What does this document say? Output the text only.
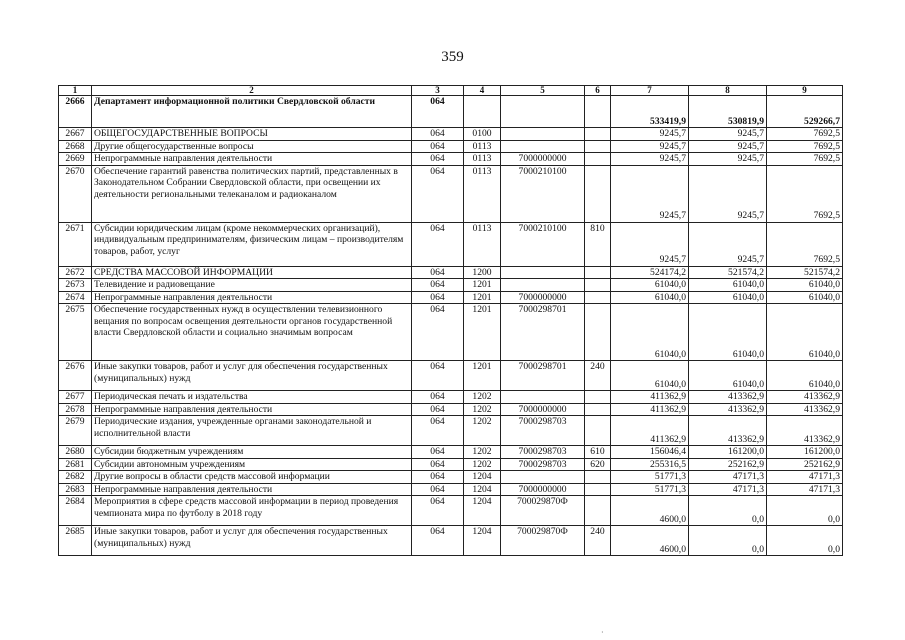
359
1	2	3	4	5	6	7	8	9
2666	Департамент информационной политики Свердловской области	064				533419,9	530819,9	529266,7
2667	ОБЩЕГОСУДАРСТВЕННЫЕ ВОПРОСЫ	064	0100			9245,7	9245,7	7692,5
2668	Другие общегосударственные вопросы	064	0113			9245,7	9245,7	7692,5
2669	Непрограммные направления деятельности	064	0113	7000000000		9245,7	9245,7	7692,5
2670	Обеспечение гарантий равенства политических партий, представленных в Законодательном Собрании Свердловской области, при освещении их деятельности региональными телеканалом и радиоканалом	064	0113	7000210100		9245,7	9245,7	7692,5
2671	Субсидии юридическим лицам (кроме некоммерческих организаций), индивидуальным предпринимателям, физическим лицам – производителям товаров, работ, услуг	064	0113	7000210100	810	9245,7	9245,7	7692,5
2672	СРЕДСТВА МАССОВОЙ ИНФОРМАЦИИ	064	1200			524174,2	521574,2	521574,2
2673	Телевидение и радиовещание	064	1201			61040,0	61040,0	61040,0
2674	Непрограммные направления деятельности	064	1201	7000000000		61040,0	61040,0	61040,0
2675	Обеспечение государственных нужд в осуществлении телевизионного вещания по вопросам освещения деятельности органов государственной власти Свердловской области и социально значимым вопросам	064	1201	7000298701		61040,0	61040,0	61040,0
2676	Иные закупки товаров, работ и услуг для обеспечения государственных (муниципальных) нужд	064	1201	7000298701	240	61040,0	61040,0	61040,0
2677	Периодическая печать и издательства	064	1202			411362,9	413362,9	413362,9
2678	Непрограммные направления деятельности	064	1202	7000000000		411362,9	413362,9	413362,9
2679	Периодические издания, учрежденные органами законодательной и исполнительной власти	064	1202	7000298703		411362,9	413362,9	413362,9
2680	Субсидии бюджетным учреждениям	064	1202	7000298703	610	156046,4	161200,0	161200,0
2681	Субсидии автономным учреждениям	064	1202	7000298703	620	255316,5	252162,9	252162,9
2682	Другие вопросы в области средств массовой информации	064	1204			51771,3	47171,3	47171,3
2683	Непрограммные направления деятельности	064	1204	7000000000		51771,3	47171,3	47171,3
2684	Мероприятия в сфере средств массовой информации в период проведения чемпионата мира по футболу в 2018 году	064	1204	700029870Ф		4600,0	0,0	0,0
2685	Иные закупки товаров, работ и услуг для обеспечения государственных (муниципальных) нужд	064	1204	700029870Ф	240	4600,0	0,0	0,0
·
